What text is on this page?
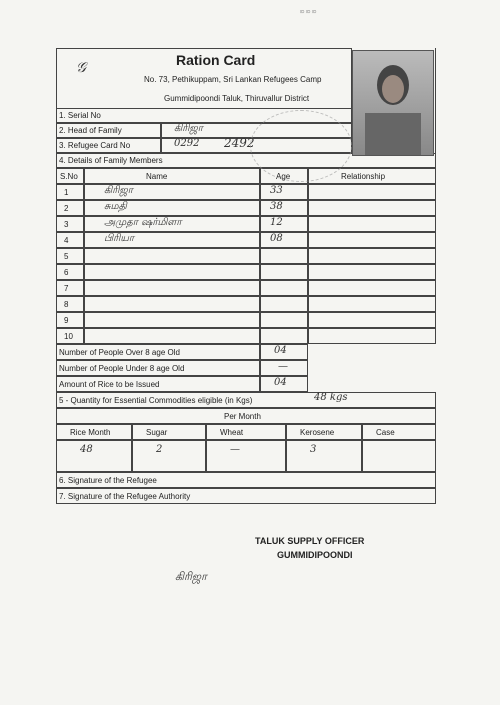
ఐ ఐ ఐ
Ration Card
No. 73, Pethikuppam, Sri Lankan Refugees Camp
Gummidipoondi Taluk, Thiruvallur District
𝒢
1. Serial No
2. Head of Family	கிரிஜா
3. Refugee Card No	0292 2492
4. Details of Family Members
S.No	Name	Age	Relationship
1	கிரிஜா	33
2	சுமதி	38
3	அமுதா ஷர்மிளா	12
4	பிரியா	08
5
6
7
8
9
10
Number of People Over 8 age Old	04
Number of People Under 8 age Old	—
Amount of Rice to be Issued	04
5 - Quantity for Essential Commodities eligible (in Kgs)	48 kgs
Per Month
Rice Month	Sugar	Wheat	Kerosene	Case
48	2	—	3
6. Signature of the Refugee
7. Signature of the Refugee Authority
TALUK SUPPLY OFFICER
GUMMIDIPOONDI
கிரிஜா
